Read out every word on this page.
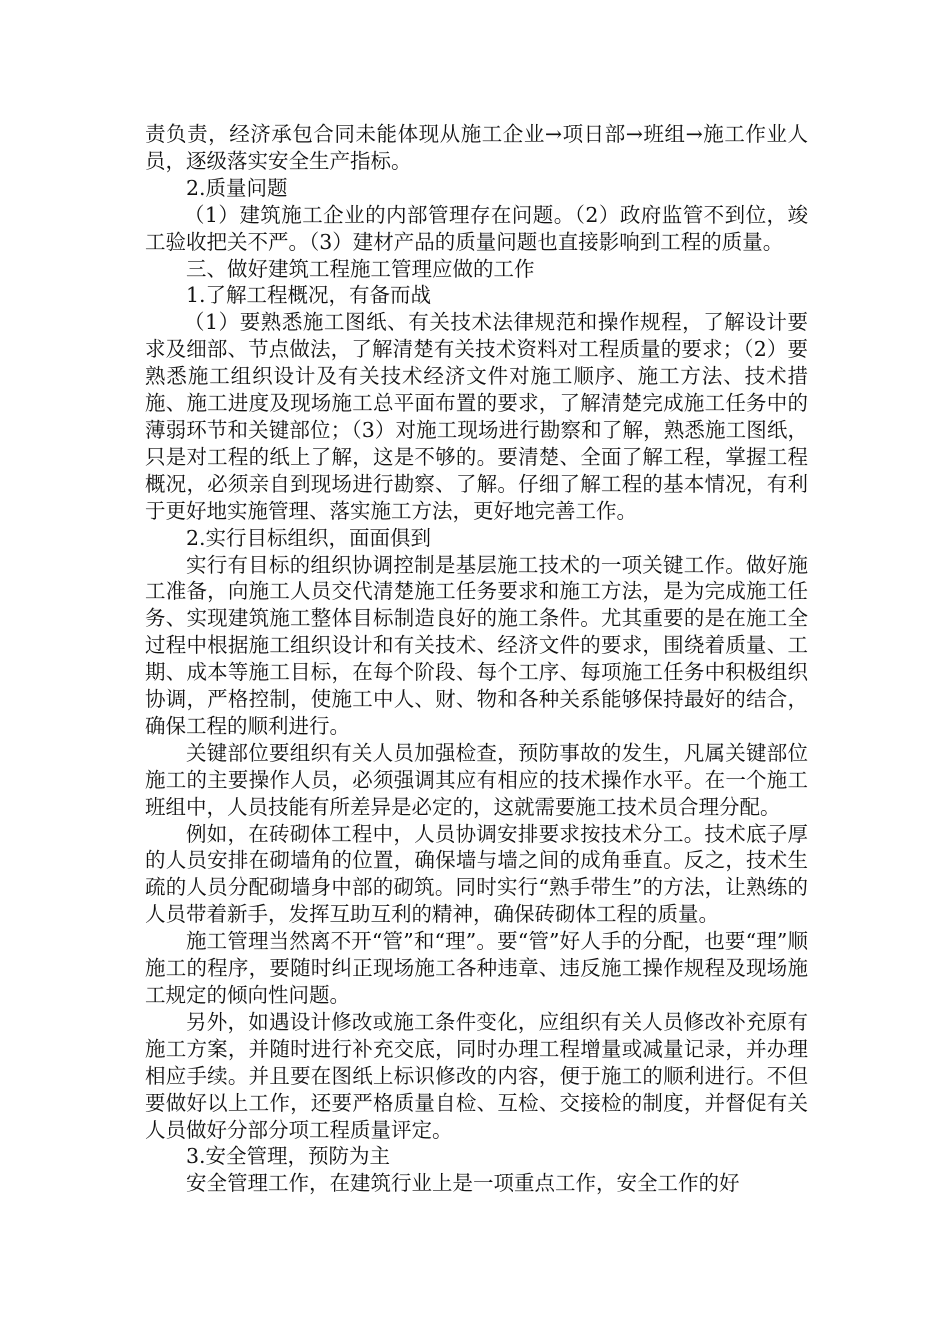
责负责，经济承包合同未能体现从施工企业→项日部→班组→施工作业人员，逐级落实安全生产指标。

2.质量问题

（1）建筑施工企业的内部管理存在问题。（2）政府监管不到位，竣工验收把关不严。（3）建材产品的质量问题也直接影响到工程的质量。

三、做好建筑工程施工管理应做的工作

1.了解工程概况，有备而战

（1）要熟悉施工图纸、有关技术法律规范和操作规程，了解设计要求及细部、节点做法，了解清楚有关技术资料对工程质量的要求；（2）要熟悉施工组织设计及有关技术经济文件对施工顺序、施工方法、技术措施、施工进度及现场施工总平面布置的要求，了解清楚完成施工任务中的薄弱环节和关键部位；（3）对施工现场进行勘察和了解，熟悉施工图纸，只是对工程的纸上了解，这是不够的。要清楚、全面了解工程，掌握工程概况，必须亲自到现场进行勘察、了解。仔细了解工程的基本情况，有利于更好地实施管理、落实施工方法，更好地完善工作。

2.实行目标组织，面面俱到

实行有目标的组织协调控制是基层施工技术的一项关键工作。做好施工准备，向施工人员交代清楚施工任务要求和施工方法，是为完成施工任务、实现建筑施工整体目标制造良好的施工条件。尤其重要的是在施工全过程中根据施工组织设计和有关技术、经济文件的要求，围绕着质量、工期、成本等施工目标，在每个阶段、每个工序、每项施工任务中积极组织协调，严格控制，使施工中人、财、物和各种关系能够保持最好的结合，确保工程的顺利进行。

关键部位要组织有关人员加强检查，预防事故的发生，凡属关键部位施工的主要操作人员，必须强调其应有相应的技术操作水平。在一个施工班组中，人员技能有所差异是必定的，这就需要施工技术员合理分配。

例如，在砖砌体工程中，人员协调安排要求按技术分工。技术底子厚的人员安排在砌墙角的位置，确保墙与墙之间的成角垂直。反之，技术生疏的人员分配砌墙身中部的砌筑。同时实行“熟手带生”的方法，让熟练的人员带着新手，发挥互助互利的精神，确保砖砌体工程的质量。

施工管理当然离不开“管”和“理”。要“管”好人手的分配，也要“理”顺施工的程序，要随时纠正现场施工各种违章、违反施工操作规程及现场施工规定的倾向性问题。

另外，如遇设计修改或施工条件变化，应组织有关人员修改补充原有施工方案，并随时进行补充交底，同时办理工程增量或减量记录，并办理相应手续。并且要在图纸上标识修改的内容，便于施工的顺利进行。不但要做好以上工作，还要严格质量自检、互检、交接检的制度，并督促有关人员做好分部分项工程质量评定。

3.安全管理，预防为主

安全管理工作，在建筑行业上是一项重点工作，安全工作的好
